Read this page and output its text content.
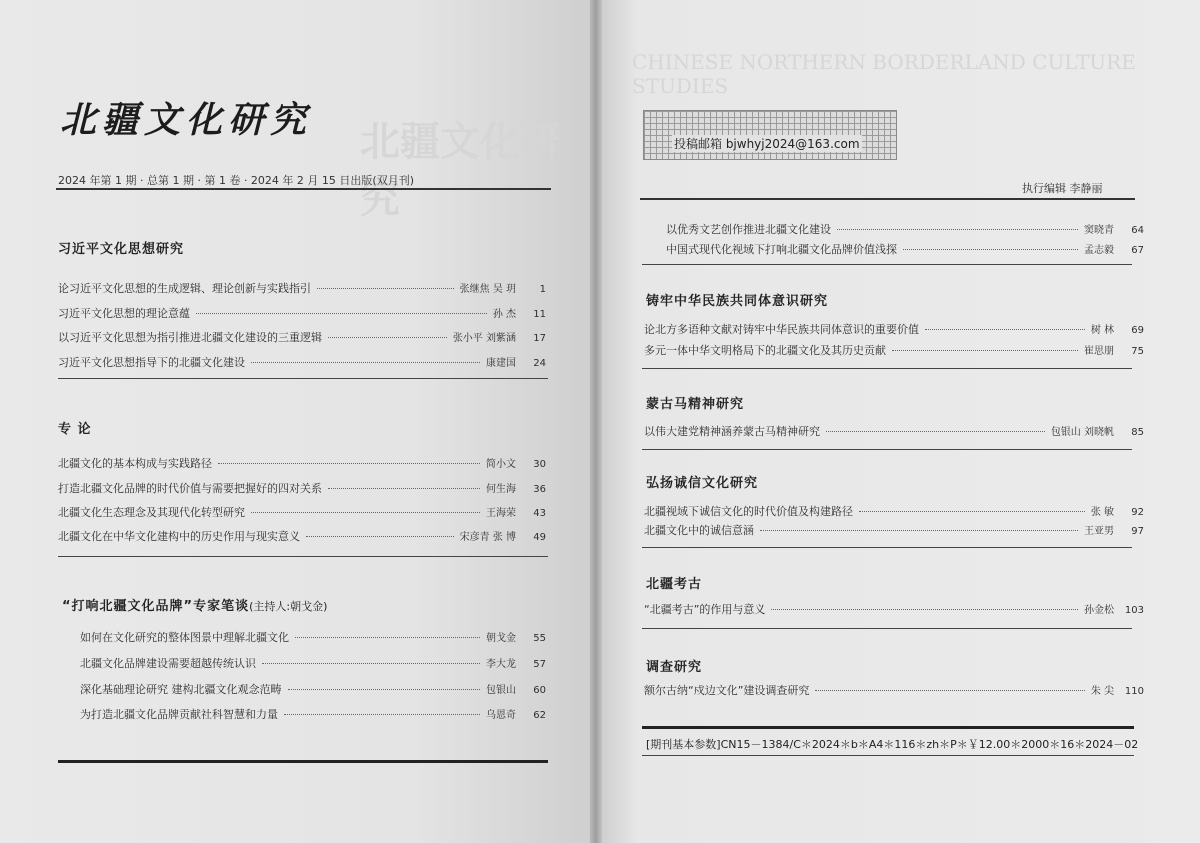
北疆文化研究
北疆文化研究
2024 年第 1 期 · 总第 1 期 · 第 1 卷 · 2024 年 2 月 15 日出版(双月刊)
习近平文化思想研究
论习近平文化思想的生成逻辑、理论创新与实践指引	张继焦 吴 玥	1
习近平文化思想的理论意蕴	孙 杰	11
以习近平文化思想为指引推进北疆文化建设的三重逻辑	张小平 刘紫涵	17
习近平文化思想指导下的北疆文化建设	康建国	24
专 论
北疆文化的基本构成与实践路径	简小文	30
打造北疆文化品牌的时代价值与需要把握好的四对关系	何生海	36
北疆文化生态理念及其现代化转型研究	王海荣	43
北疆文化在中华文化建构中的历史作用与现实意义	宋彦青 张 博	49
“打响北疆文化品牌”专家笔谈(主持人:朝戈金)
如何在文化研究的整体图景中理解北疆文化	朝戈金	55
北疆文化品牌建设需要超越传统认识	李大龙	57
深化基础理论研究 建构北疆文化观念范畴	包银山	60
为打造北疆文化品牌贡献社科智慧和力量	乌恩奇	62
CHINESE NORTHERN BORDERLAND CULTURE STUDIES
投稿邮箱 bjwhyj2024@163.com
执行编辑 李静丽
以优秀文艺创作推进北疆文化建设	窦晓青	64
中国式现代化视域下打响北疆文化品牌价值浅探	孟志毅	67
铸牢中华民族共同体意识研究
论北方多语种文献对铸牢中华民族共同体意识的重要价值	树 林	69
多元一体中华文明格局下的北疆文化及其历史贡献	崔思朋	75
蒙古马精神研究
以伟大建党精神涵养蒙古马精神研究	包银山 刘晓帆	85
弘扬诚信文化研究
北疆视域下诚信文化的时代价值及构建路径	张 敏	92
北疆文化中的诚信意涵	王亚男	97
北疆考古
“北疆考古”的作用与意义	孙金松	103
调查研究
额尔古纳“戍边文化”建设调查研究	朱 尖	110
[期刊基本参数]CN15－1384/C＊2024＊b＊A4＊116＊zh＊P＊￥12.00＊2000＊16＊2024－02
